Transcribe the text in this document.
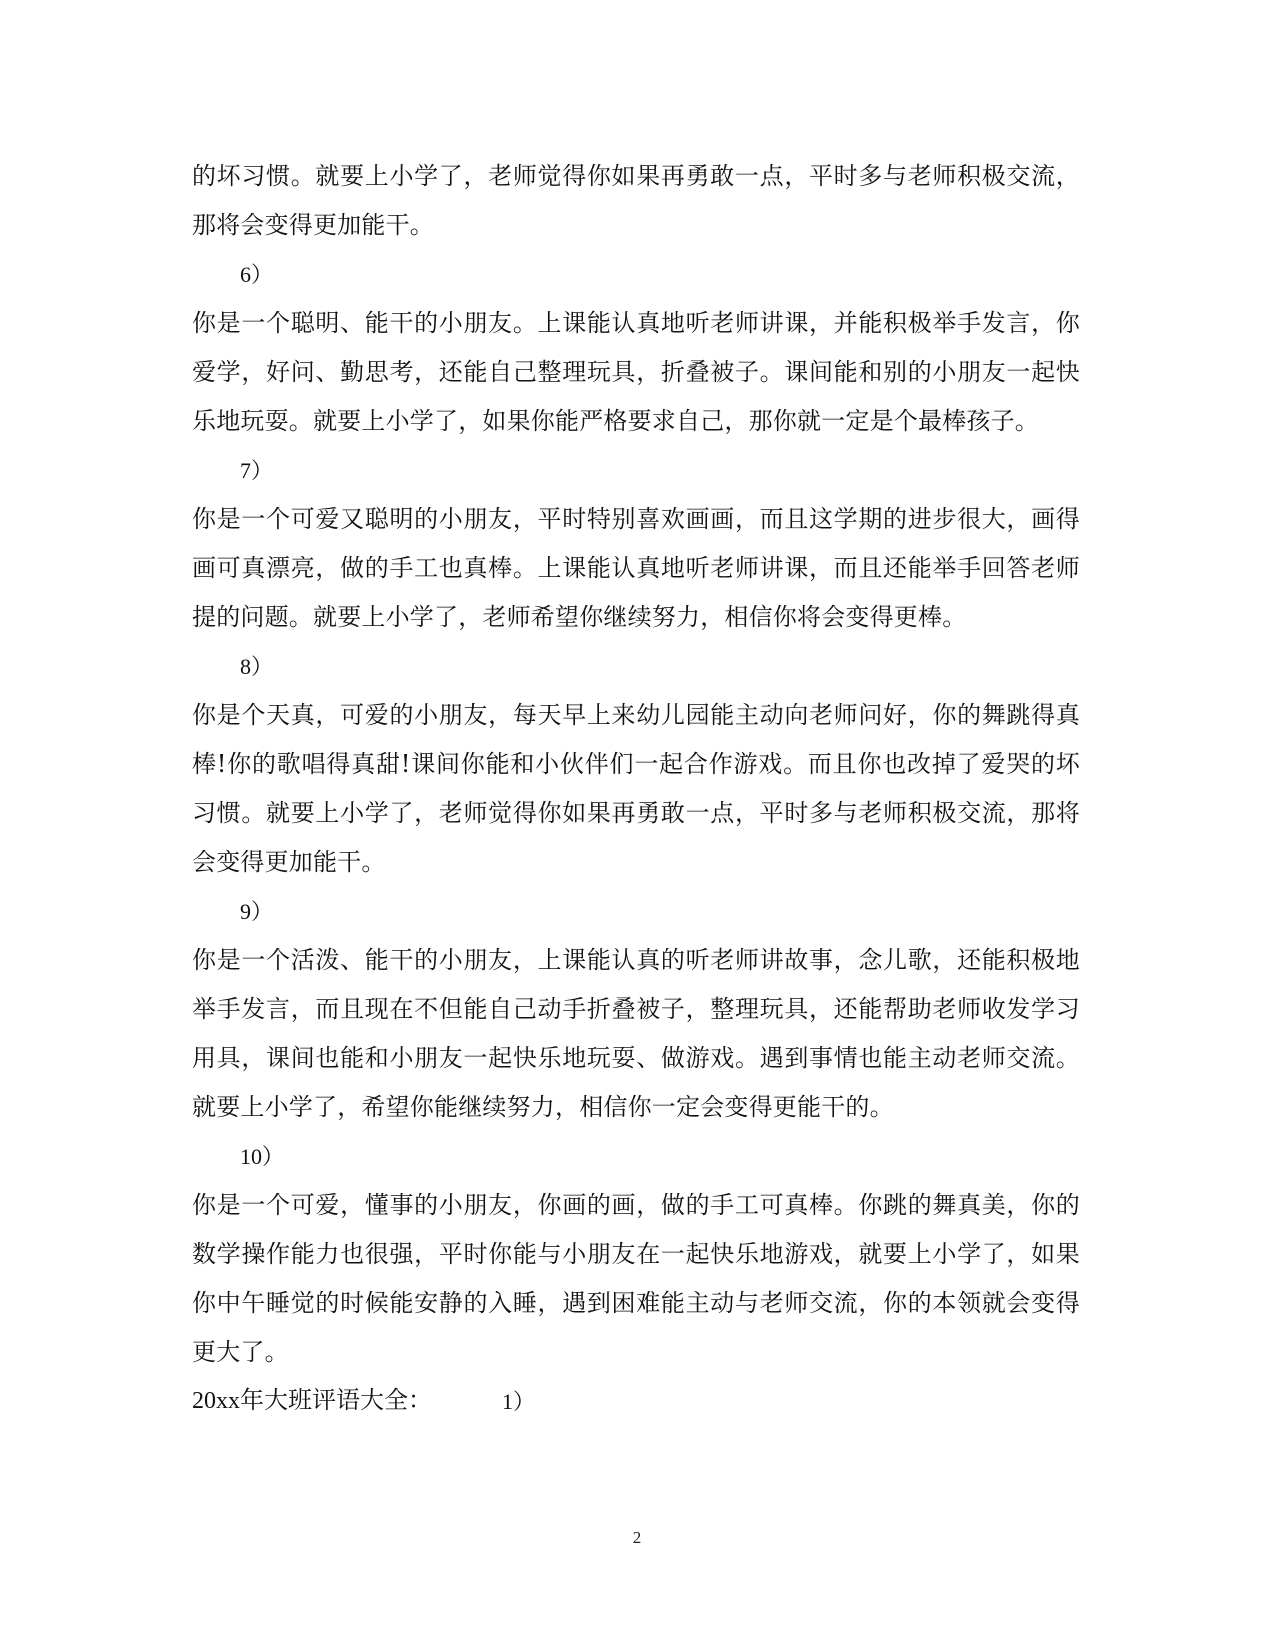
的坏习惯。就要上小学了，老师觉得你如果再勇敢一点，平时多与老师积极交流，那将会变得更加能干。

6）

你是一个聪明、能干的小朋友。上课能认真地听老师讲课，并能积极举手发言，你爱学，好问、勤思考，还能自己整理玩具，折叠被子。课间能和别的小朋友一起快乐地玩耍。就要上小学了，如果你能严格要求自己，那你就一定是个最棒孩子。

7）

你是一个可爱又聪明的小朋友，平时特别喜欢画画，而且这学期的进步很大，画得画可真漂亮，做的手工也真棒。上课能认真地听老师讲课，而且还能举手回答老师提的问题。就要上小学了，老师希望你继续努力，相信你将会变得更棒。

8）

你是个天真，可爱的小朋友，每天早上来幼儿园能主动向老师问好，你的舞跳得真棒!你的歌唱得真甜!课间你能和小伙伴们一起合作游戏。而且你也改掉了爱哭的坏习惯。就要上小学了，老师觉得你如果再勇敢一点，平时多与老师积极交流，那将会变得更加能干。

9）

你是一个活泼、能干的小朋友，上课能认真的听老师讲故事，念儿歌，还能积极地举手发言，而且现在不但能自己动手折叠被子，整理玩具，还能帮助老师收发学习用具，课间也能和小朋友一起快乐地玩耍、做游戏。遇到事情也能主动老师交流。就要上小学了，希望你能继续努力，相信你一定会变得更能干的。

10）

你是一个可爱，懂事的小朋友，你画的画，做的手工可真棒。你跳的舞真美，你的数学操作能力也很强，平时你能与小朋友在一起快乐地游戏，就要上小学了，如果你中午睡觉的时候能安静的入睡，遇到困难能主动与老师交流，你的本领就会变得更大了。

20xx年大班评语大全：	1）
2
